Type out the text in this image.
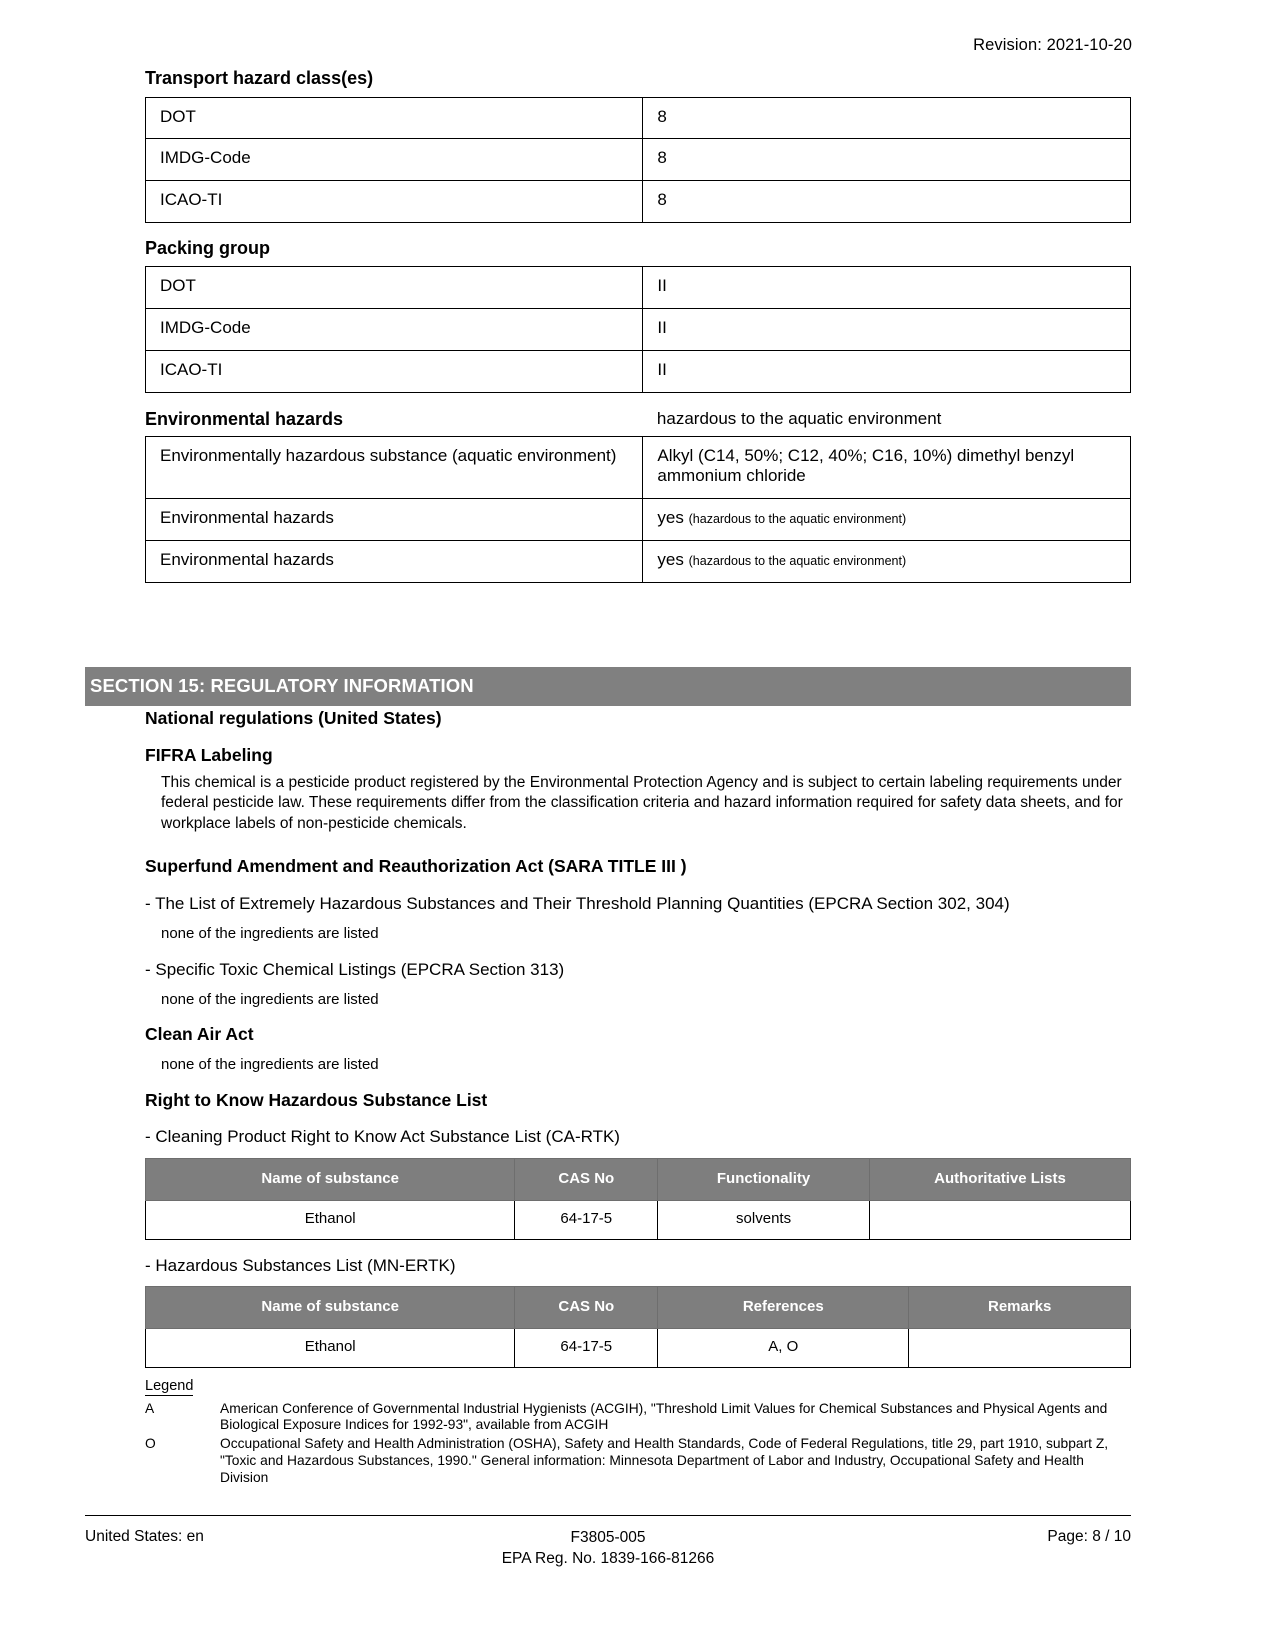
Revision: 2021-10-20
Transport hazard class(es)
DOT	8
IMDG-Code	8
ICAO-TI	8
Packing group
DOT	II
IMDG-Code	II
ICAO-TI	II
Environmental hazards	hazardous to the aquatic environment
Environmentally hazardous substance (aquatic environment)	Alkyl (C14, 50%; C12, 40%; C16, 10%) dimethyl benzyl ammonium chloride
Environmental hazards	yes (hazardous to the aquatic environment)
Environmental hazards	yes (hazardous to the aquatic environment)
SECTION 15: REGULATORY INFORMATION
National regulations (United States)
FIFRA Labeling

This chemical is a pesticide product registered by the Environmental Protection Agency and is subject to certain labeling requirements under federal pesticide law. These requirements differ from the classification criteria and hazard information required for safety data sheets, and for workplace labels of non-pesticide chemicals.

Superfund Amendment and Reauthorization Act (SARA TITLE III )

- The List of Extremely Hazardous Substances and Their Threshold Planning Quantities (EPCRA Section 302, 304)

none of the ingredients are listed

- Specific Toxic Chemical Listings (EPCRA Section 313)

none of the ingredients are listed

Clean Air Act

none of the ingredients are listed

Right to Know Hazardous Substance List

- Cleaning Product Right to Know Act Substance List (CA-RTK)

Name of substance	CAS No	Functionality	Authoritative Lists
Ethanol	64-17-5	solvents	

- Hazardous Substances List (MN-ERTK)

Name of substance	CAS No	References	Remarks
Ethanol	64-17-5	A, O	
Legend
A	American Conference of Governmental Industrial Hygienists (ACGIH), "Threshold Limit Values for Chemical Substances and Physical Agents and Biological Exposure Indices for 1992-93", available from ACGIH
O	Occupational Safety and Health Administration (OSHA), Safety and Health Standards, Code of Federal Regulations, title 29, part 1910, subpart Z, "Toxic and Hazardous Substances, 1990." General information: Minnesota Department of Labor and Industry, Occupational Safety and Health Division
United States: en	F3805-005
EPA Reg. No. 1839-166-81266
Page: 8 / 10
